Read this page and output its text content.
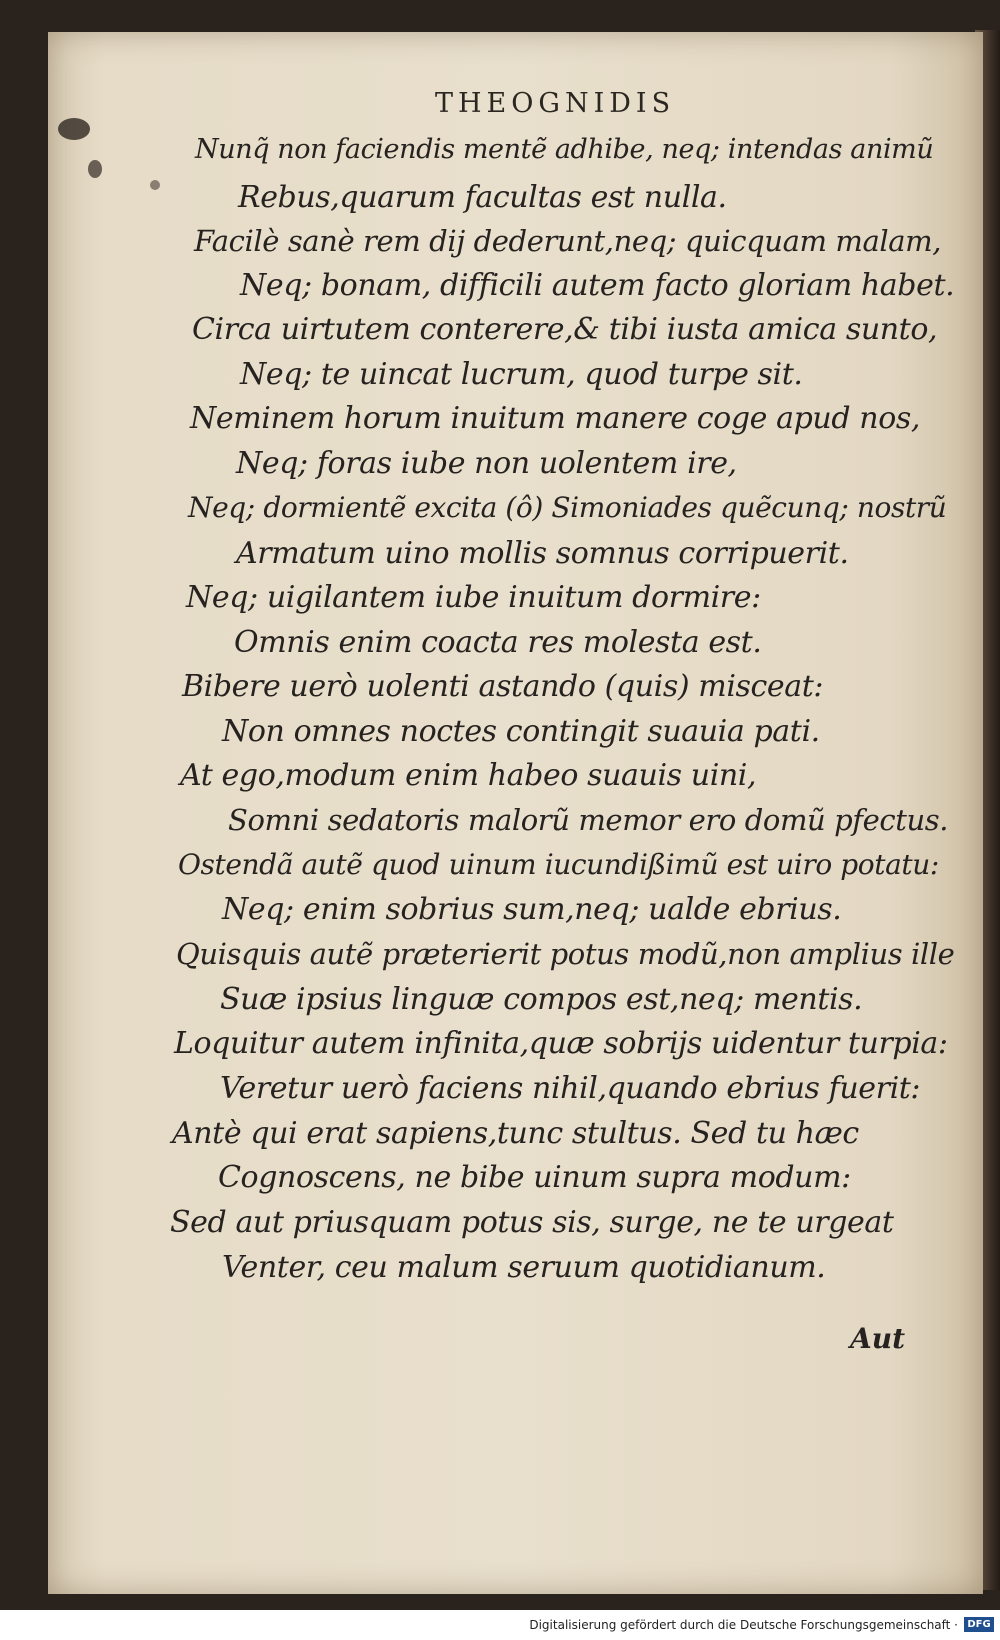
THEOGNIDIS

Nunq̃ non faciendis mentẽ adhibe, neq; intendas animũ

Rebus,quarum facultas est nulla.

Facilè sanè rem dij dederunt,neq; quicquam malam,

Neq; bonam, difficili autem facto gloriam habet.

Circa uirtutem conterere,& tibi iusta amica sunto,

Neq; te uincat lucrum, quod turpe sit.

Neminem horum inuitum manere coge apud nos,

Neq; foras iube non uolentem ire,

Neq; dormientẽ excita (ô) Simoniades quẽcunq; nostrũ

Armatum uino mollis somnus corripuerit.

Neq; uigilantem iube inuitum dormire:

Omnis enim coacta res molesta est.

Bibere uerò uolenti astando (quis) misceat:

Non omnes noctes contingit suauia pati.

At ego,modum enim habeo suauis uini,

Somni sedatoris malorũ memor ero domũ pfectus.

Ostendã autẽ quod uinum iucundißimũ est uiro potatu:

Neq; enim sobrius sum,neq; ualde ebrius.

Quisquis autẽ præterierit potus modũ,non amplius ille

Suæ ipsius linguæ compos est,neq; mentis.

Loquitur autem infinita,quæ sobrijs uidentur turpia:

Veretur uerò faciens nihil,quando ebrius fuerit:

Antè qui erat sapiens,tunc stultus. Sed tu hæc

Cognoscens, ne bibe uinum supra modum:

Sed aut priusquam potus sis, surge, ne te urgeat

Venter, ceu malum seruum quotidianum.

Aut
Digitalisierung gefördert durch die Deutsche Forschungsgemeinschaft · DFG
